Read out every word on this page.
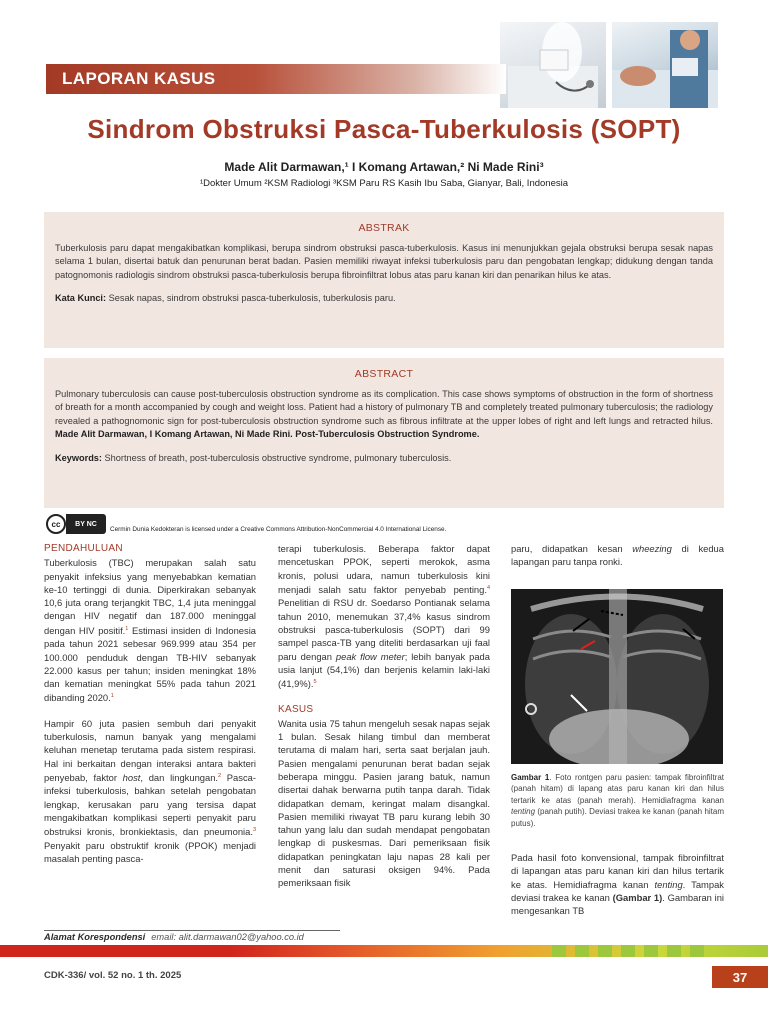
LAPORAN KASUS
Sindrom Obstruksi Pasca-Tuberkulosis (SOPT)
Made Alit Darmawan,¹ I Komang Artawan,² Ni Made Rini³
¹Dokter Umum ²KSM Radiologi ³KSM Paru RS Kasih Ibu Saba, Gianyar, Bali, Indonesia
ABSTRAK

Tuberkulosis paru dapat mengakibatkan komplikasi, berupa sindrom obstruksi pasca-tuberkulosis. Kasus ini menunjukkan gejala obstruksi berupa sesak napas selama 1 bulan, disertai batuk dan penurunan berat badan. Pasien memiliki riwayat infeksi tuberkulosis paru dan pengobatan lengkap; didukung dengan tanda patognomonis radiologis sindrom obstruksi pasca-tuberkulosis berupa fibroinfiltrat lobus atas paru kanan kiri dan penarikan hilus ke atas.

Kata Kunci: Sesak napas, sindrom obstruksi pasca-tuberkulosis, tuberkulosis paru.

ABSTRACT

Pulmonary tuberculosis can cause post-tuberculosis obstruction syndrome as its complication. This case shows symptoms of obstruction in the form of shortness of breath for a month accompanied by cough and weight loss. Patient had a history of pulmonary TB and completely treated pulmonary tuberculosis; the radiology revealed a pathognomonic sign for post-tuberculosis obstruction syndrome such as fibrous infiltrate at the upper lobes of right and left lungs and retracted hilus. Made Alit Darmawan, I Komang Artawan, Ni Made Rini. Post-Tuberculosis Obstruction Syndrome.

Keywords: Shortness of breath, post-tuberculosis obstructive syndrome, pulmonary tuberculosis.

cc	BY NC
Cermin Dunia Kedokteran is licensed under a Creative Commons Attribution-NonCommercial 4.0 International License.
PENDAHULUAN

Tuberkulosis (TBC) merupakan salah satu penyakit infeksius yang menyebabkan kematian ke-10 tertinggi di dunia. Diperkirakan sebanyak 10,6 juta orang terjangkit TBC, 1,4 juta meninggal dengan HIV negatif dan 187.000 meninggal dengan HIV positif.$^1$ Estimasi insiden di Indonesia pada tahun 2021 sebesar 969.999 atau 354 per 100.000 penduduk dengan TB-HIV sebanyak 22.000 kasus per tahun; insiden meningkat 18% dan kematian meningkat 55% pada tahun 2021 dibanding 2020.$^1$

Hampir 60 juta pasien sembuh dari penyakit tuberkulosis, namun banyak yang mengalami keluhan menetap terutama pada sistem respirasi. Hal ini berkaitan dengan interaksi antara bakteri penyebab, faktor host, dan lingkungan.$^2$ Pasca-infeksi tuberkulosis, bahkan setelah pengobatan lengkap, kerusakan paru yang tersisa dapat mengakibatkan komplikasi seperti penyakit paru obstruksi kronis, bronkiektasis, dan pneumonia.$^3$ Penyakit paru obstruktif kronik (PPOK) menjadi masalah penting pasca-

terapi tuberkulosis. Beberapa faktor dapat mencetuskan PPOK, seperti merokok, asma kronis, polusi udara, namun tuberkulosis kini menjadi salah satu faktor penyebab penting.$^4$ Penelitian di RSU dr. Soedarso Pontianak selama tahun 2010, menemukan 37,4% kasus sindrom obstruksi pasca-tuberkulosis (SOPT) dari 99 sampel pasca-TB yang diteliti berdasarkan uji faal paru dengan peak flow meter; lebih banyak pada usia lanjut (54,1%) dan berjenis kelamin laki-laki (41,9%).$^5$

KASUS

Wanita usia 75 tahun mengeluh sesak napas sejak 1 bulan. Sesak hilang timbul dan memberat terutama di malam hari, serta saat berjalan jauh. Pasien mengalami penurunan berat badan sejak beberapa minggu. Pasien jarang batuk, namun disertai dahak berwarna putih tanpa darah. Tidak didapatkan demam, keringat malam disangkal. Pasien memiliki riwayat TB paru kurang lebih 30 tahun yang lalu dan sudah mendapat pengobatan lengkap di puskesmas. Dari pemeriksaan fisik didapatkan peningkatan laju napas 28 kali per menit dan saturasi oksigen 94%. Pada pemeriksaan fisik

paru, didapatkan kesan wheezing di kedua lapangan paru tanpa ronki.

Gambar 1. Foto rontgen paru pasien: tampak fibroinfiltrat (panah hitam) di lapang atas paru kanan kiri dan hilus tertarik ke atas (panah merah). Hemidiafragma kanan tenting (panah putih). Deviasi trakea ke kanan (panah hitam putus).

Pada hasil foto konvensional, tampak fibroinfiltrat di lapangan atas paru kanan kiri dan hilus tertarik ke atas. Hemidiafragma kanan tenting. Tampak deviasi trakea ke kanan (Gambar 1). Gambaran ini mengesankan TB

Alamat Korespondensi email: alit.darmawan02@yahoo.co.id
CDK-336/ vol. 52 no. 1 th. 2025	37
